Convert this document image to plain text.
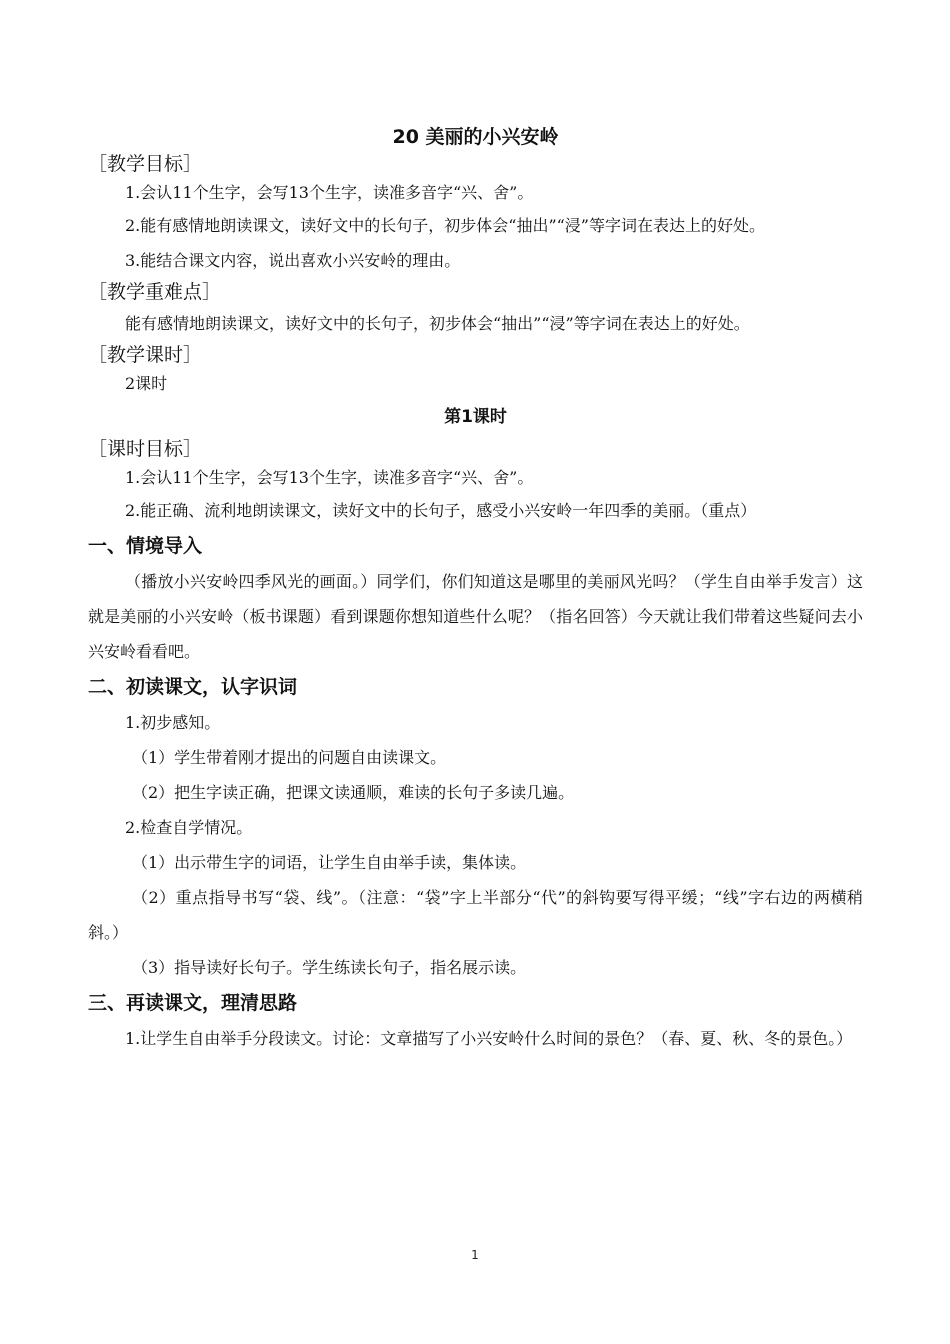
20 美丽的小兴安岭
［教学目标］

1.会认11个生字，会写13个生字，读准多音字“兴、舍”。

2.能有感情地朗读课文，读好文中的长句子，初步体会“抽出”“浸”等字词在表达上的好处。

3.能结合课文内容，说出喜欢小兴安岭的理由。

［教学重难点］

能有感情地朗读课文，读好文中的长句子，初步体会“抽出”“浸”等字词在表达上的好处。

［教学课时］

2课时

第1课时
［课时目标］

1.会认11个生字，会写13个生字，读准多音字“兴、舍”。

2.能正确、流利地朗读课文，读好文中的长句子，感受小兴安岭一年四季的美丽。（重点）

一、情境导入

（播放小兴安岭四季风光的画面。）同学们，你们知道这是哪里的美丽风光吗？（学生自由举手发言）这就是美丽的小兴安岭（板书课题）看到课题你想知道些什么呢？（指名回答）今天就让我们带着这些疑问去小兴安岭看看吧。

二、初读课文，认字识词

1.初步感知。

（1）学生带着刚才提出的问题自由读课文。

（2）把生字读正确，把课文读通顺，难读的长句子多读几遍。

2.检查自学情况。

（1）出示带生字的词语，让学生自由举手读，集体读。

（2）重点指导书写“袋、线”。（注意：“袋”字上半部分“代”的斜钩要写得平缓；“线”字右边的两横稍斜。）

（3）指导读好长句子。学生练读长句子，指名展示读。

三、再读课文，理清思路

1.让学生自由举手分段读文。讨论：文章描写了小兴安岭什么时间的景色？（春、夏、秋、冬的景色。）

1
